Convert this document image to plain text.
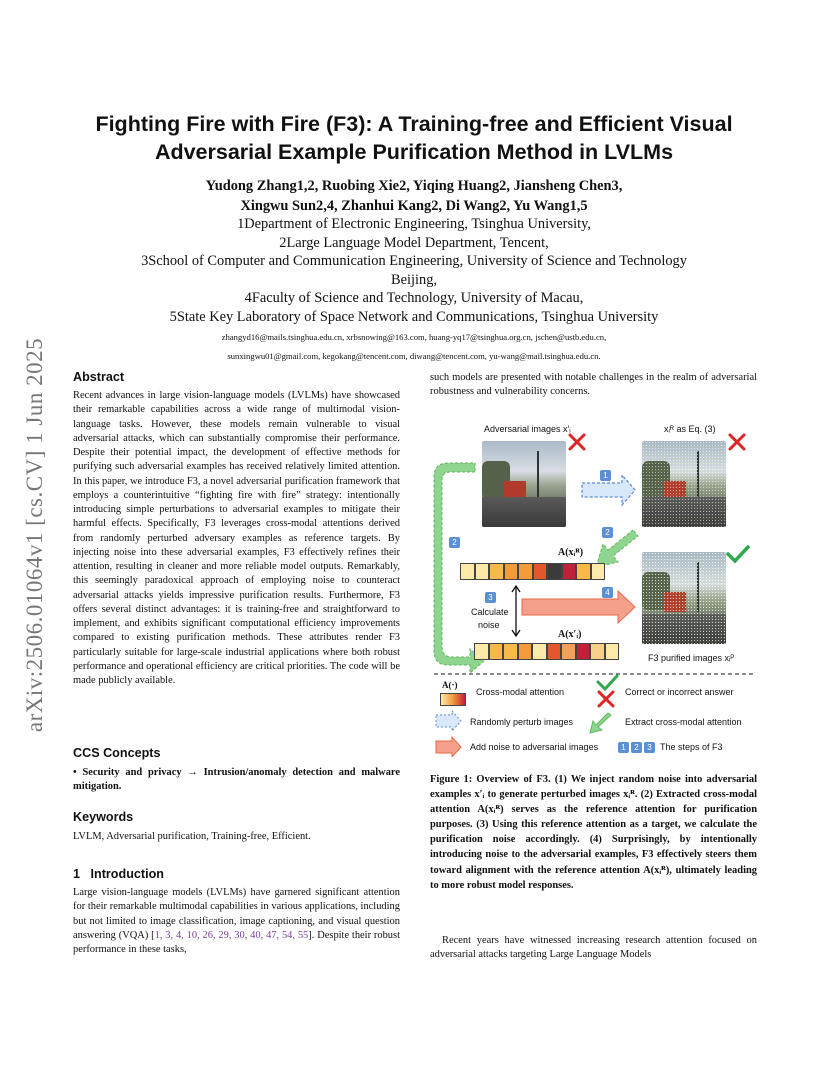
arXiv:2506.01064v1 [cs.CV] 1 Jun 2025
Fighting Fire with Fire (F3): A Training-free and Efficient Visual
Adversarial Example Purification Method in LVLMs
Yudong Zhang1,2, Ruobing Xie2, Yiqing Huang2, Jiansheng Chen3,
Xingwu Sun2,4, Zhanhui Kang2, Di Wang2, Yu Wang1,5
1Department of Electronic Engineering, Tsinghua University,
2Large Language Model Department, Tencent,
3School of Computer and Communication Engineering, University of Science and Technology
Beijing,
4Faculty of Science and Technology, University of Macau,
5State Key Laboratory of Space Network and Communications, Tsinghua University
zhangyd16@mails.tsinghua.edu.cn, xrbsnowing@163.com, huang-yq17@tsinghua.org.cn, jschen@ustb.edu.cn,
sunxingwu01@gmail.com, kegokang@tencent.com, diwang@tencent.com, yu-wang@mail.tsinghua.edu.cn.
Abstract
Recent advances in large vision-language models (LVLMs) have showcased their remarkable capabilities across a wide range of multimodal vision-language tasks. However, these models remain vulnerable to visual adversarial attacks, which can substantially compromise their performance. Despite their potential impact, the development of effective methods for purifying such adversarial examples has received relatively limited attention. In this paper, we introduce F3, a novel adversarial purification framework that employs a counterintuitive “fighting fire with fire” strategy: intentionally introducing simple perturbations to adversarial examples to mitigate their harmful effects. Specifically, F3 leverages cross-modal attentions derived from randomly perturbed adversary examples as reference targets. By injecting noise into these adversarial examples, F3 effectively refines their attention, resulting in cleaner and more reliable model outputs. Remarkably, this seemingly paradoxical approach of employing noise to counteract adversarial attacks yields impressive purification results. Furthermore, F3 offers several distinct advantages: it is training-free and straightforward to implement, and exhibits significant computational efficiency improvements compared to existing purification methods. These attributes render F3 particularly suitable for large-scale industrial applications where both robust performance and operational efficiency are critical priorities. The code will be made publicly available.
CCS Concepts
• Security and privacy → Intrusion/anomaly detection and malware mitigation.
Keywords
LVLM, Adversarial purification, Training-free, Efficient.
1 Introduction
Large vision-language models (LVLMs) have garnered significant attention for their remarkable multimodal capabilities in various applications, including but not limited to image classification, image captioning, and visual question answering (VQA) [1, 3, 4, 10, 26, 29, 30, 40, 47, 54, 55]. Despite their robust performance in these tasks,
such models are presented with notable challenges in the realm of adversarial robustness and vulnerability concerns.
Adversarial images x′ᵢ	xᵢᴿ as Eq. (3)
1
2
3
4
2
A(xᵢᴿ)
Calculate
noise
A(x′ᵢ)
F3 purified images xᵢᴾ
A(·)
Cross-modal attention	Correct or incorrect answer
Randomly perturb images	Extract cross-modal attention
Add noise to adversarial images	1	2	3 The steps of F3
Figure 1: Overview of F3. (1) We inject random noise into adversarial examples x′ᵢ to generate perturbed images xᵢᴿ. (2) Extracted cross-modal attention A(xᵢᴿ) serves as the reference attention for purification purposes. (3) Using this reference attention as a target, we calculate the purification noise accordingly. (4) Surprisingly, by intentionally introducing noise to the adversarial examples, F3 effectively steers them toward alignment with the reference attention A(xᵢᴿ), ultimately leading to more robust model responses.
Recent years have witnessed increasing research attention focused on adversarial attacks targeting Large Language Models
